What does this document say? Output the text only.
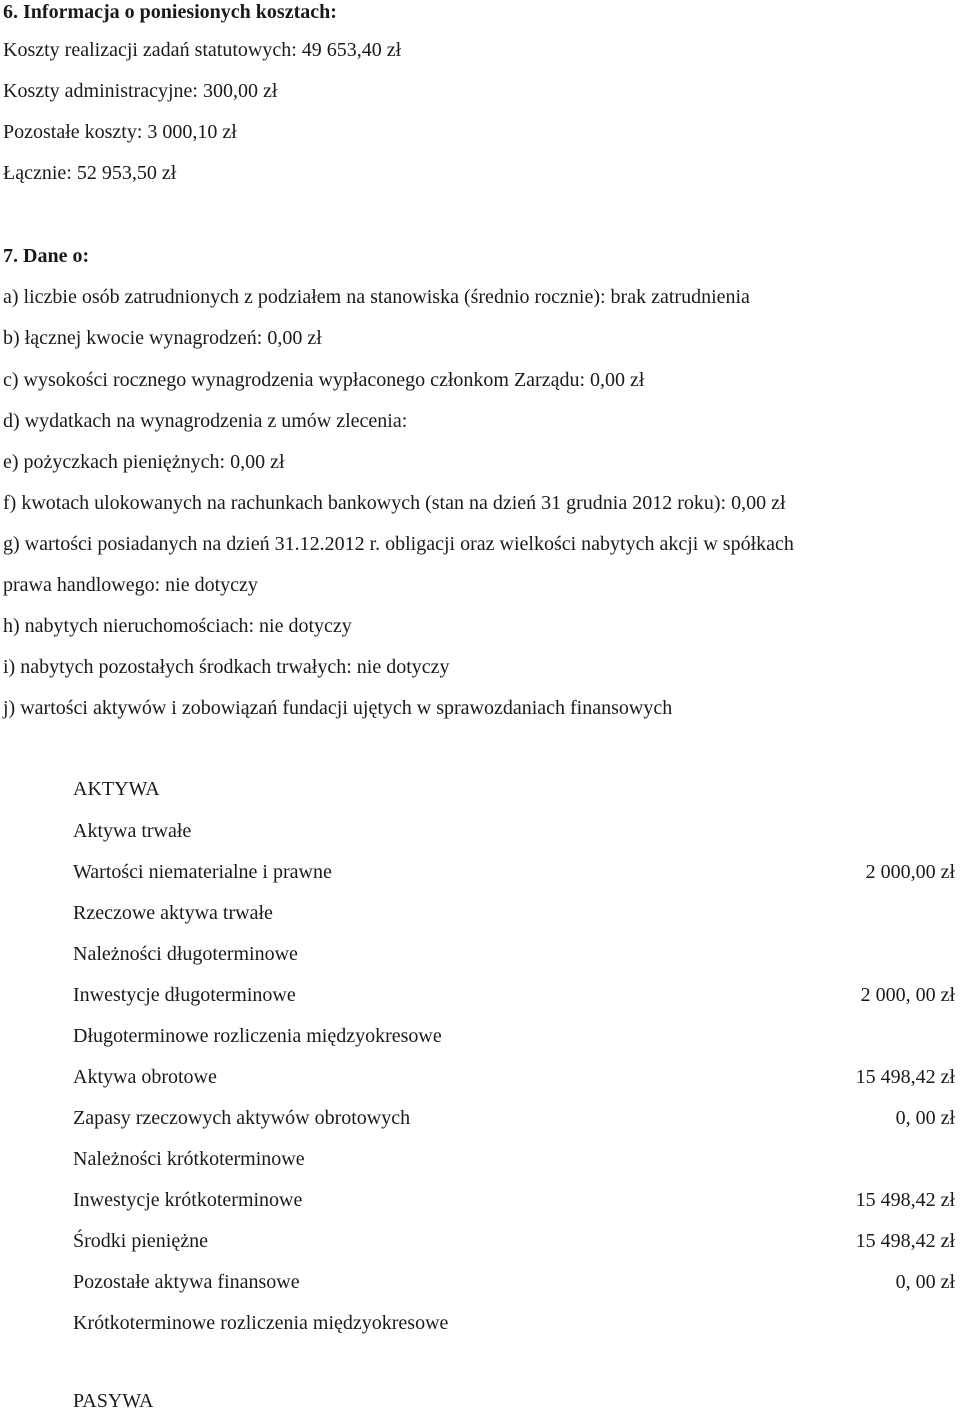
6. Informacja o poniesionych kosztach:
Koszty realizacji zadań statutowych: 49 653,40 zł
Koszty administracyjne: 300,00 zł
Pozostałe koszty: 3 000,10 zł
Łącznie: 52 953,50 zł
7. Dane o:
a) liczbie osób zatrudnionych z podziałem na stanowiska (średnio rocznie): brak zatrudnienia
b) łącznej kwocie wynagrodzeń: 0,00 zł
c) wysokości rocznego wynagrodzenia wypłaconego członkom Zarządu: 0,00 zł
d) wydatkach na wynagrodzenia z umów zlecenia:
e) pożyczkach pieniężnych: 0,00 zł
f) kwotach ulokowanych na rachunkach bankowych (stan na dzień 31 grudnia 2012 roku): 0,00 zł
g) wartości posiadanych na dzień 31.12.2012 r. obligacji oraz wielkości nabytych akcji w spółkach
prawa handlowego: nie dotyczy
h) nabytych nieruchomościach: nie dotyczy
i) nabytych pozostałych środkach trwałych: nie dotyczy
j) wartości aktywów i zobowiązań fundacji ujętych w sprawozdaniach finansowych
AKTYWA
Aktywa trwałe
Wartości niematerialne i prawne	2 000,00 zł
Rzeczowe aktywa trwałe
Należności długoterminowe
Inwestycje długoterminowe	2 000, 00 zł
Długoterminowe rozliczenia międzyokresowe
Aktywa obrotowe	15 498,42 zł
Zapasy rzeczowych aktywów obrotowych	0, 00 zł
Należności krótkoterminowe
Inwestycje krótkoterminowe	15 498,42 zł
Środki pieniężne	15 498,42 zł
Pozostałe aktywa finansowe	0, 00 zł
Krótkoterminowe rozliczenia międzyokresowe
PASYWA
